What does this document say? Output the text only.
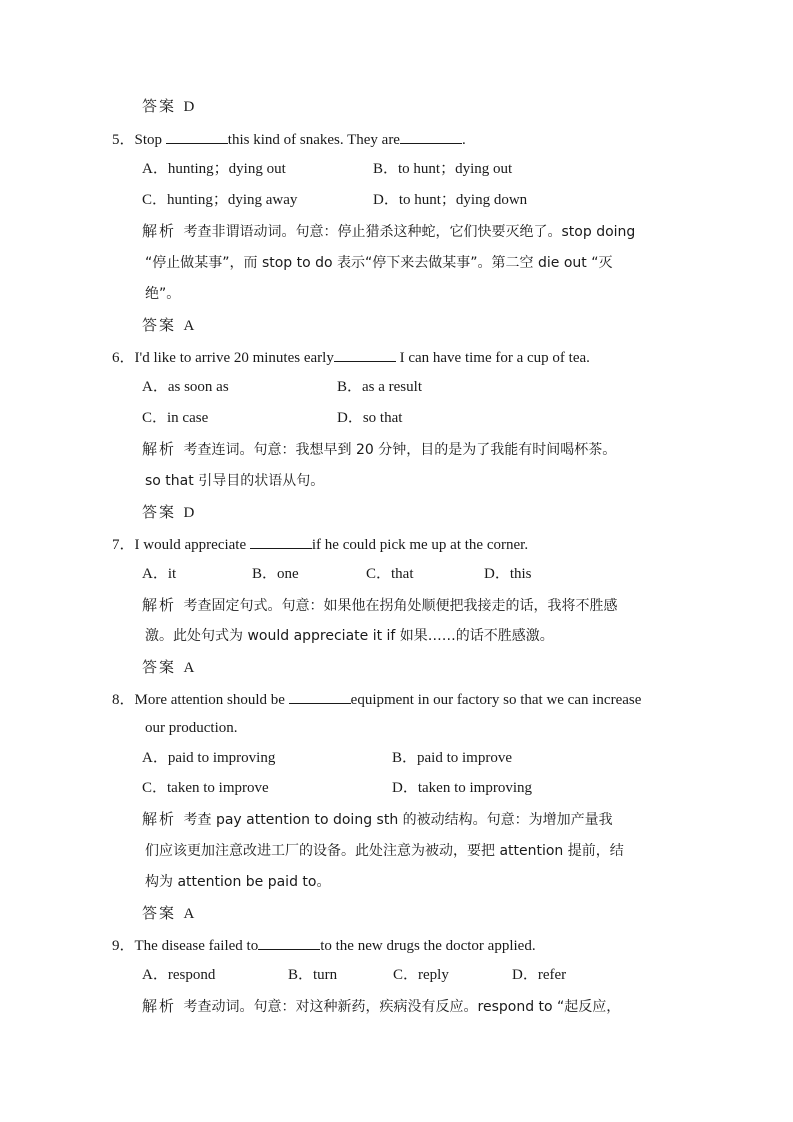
答案 D
5．Stop	this kind of snakes. They are	.
A．hunting；dying out	B．to hunt；dying out
C．hunting；dying away	D．to hunt；dying down
解析 考查非谓语动词。句意：停止猎杀这种蛇，它们快要灭绝了。stop doing
“停止做某事”，而 stop to do 表示“停下来去做某事”。第二空 die out “灭
绝”。
答案 A
6．I'd like to arrive 20 minutes early	I can have time for a cup of tea.
A．as soon as	B．as a result
C．in case	D．so that
解析 考查连词。句意：我想早到 20 分钟，目的是为了我能有时间喝杯茶。
so that 引导目的状语从句。
答案 D
7．I would appreciate	if he could pick me up at the corner.
A．it	B．one	C．that	D．this
解析 考查固定句式。句意：如果他在拐角处顺便把我接走的话，我将不胜感
激。此处句式为 would appreciate it if 如果……的话不胜感激。
答案 A
8．More attention should be	equipment in our factory so that we can increase
our production.
A．paid to improving	B．paid to improve
C．taken to improve	D．taken to improving
解析 考查 pay attention to doing sth 的被动结构。句意：为增加产量我
们应该更加注意改进工厂的设备。此处注意为被动，要把 attention 提前，结
构为 attention be paid to。
答案 A
9．The disease failed to	to the new drugs the doctor applied.
A．respond	B．turn	C．reply	D．refer
解析 考查动词。句意：对这种新药，疾病没有反应。respond to “起反应，
